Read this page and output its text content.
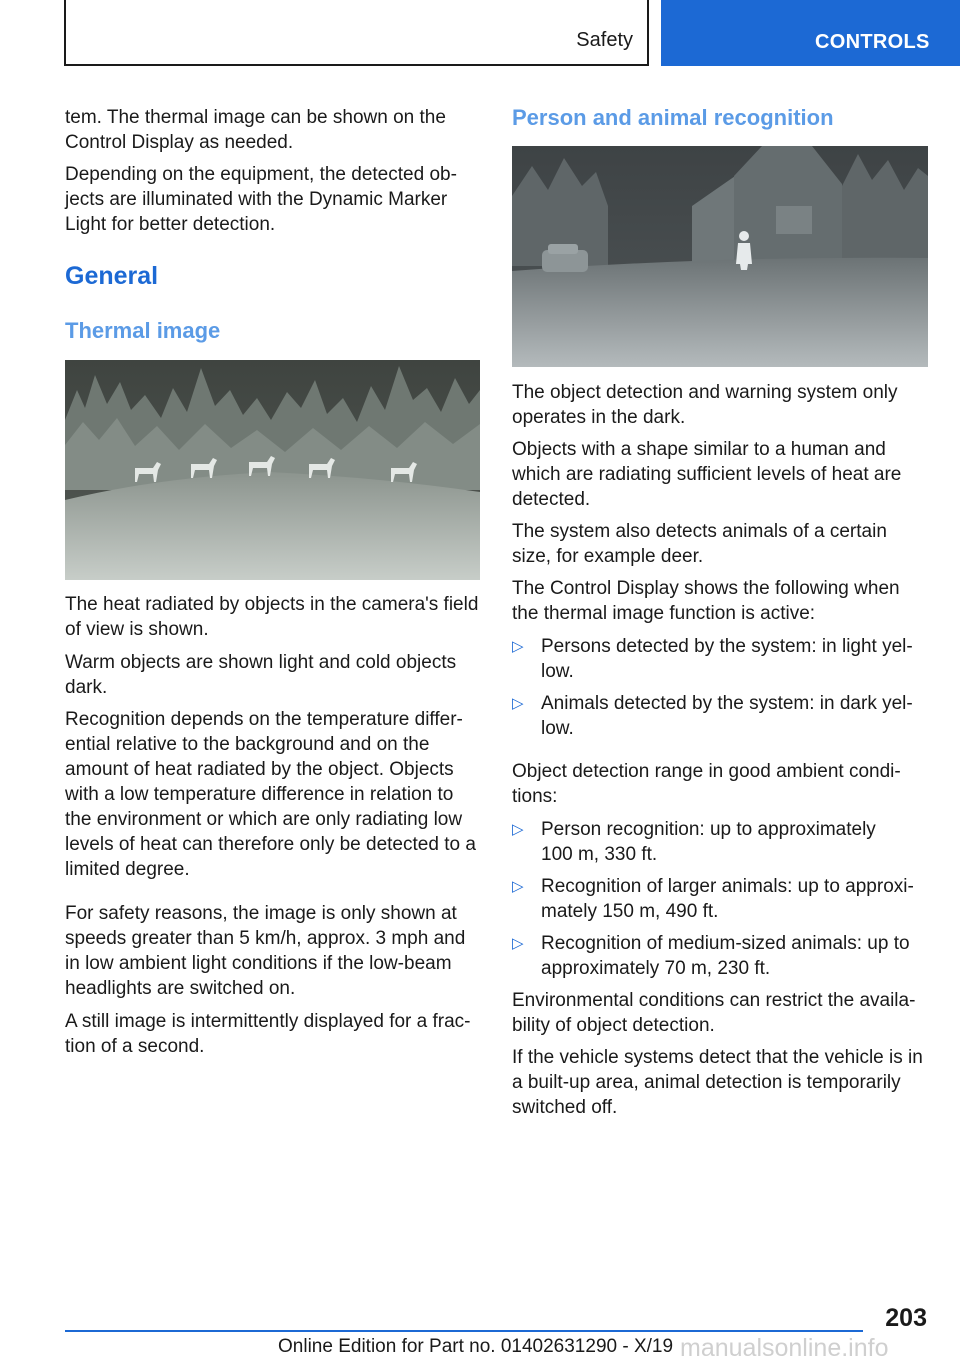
Safety	CONTROLS
tem. The thermal image can be shown on the
Control Display as needed.
Depending on the equipment, the detected ob-
jects are illuminated with the Dynamic Marker
Light for better detection.
General
Thermal image
The heat radiated by objects in the camera's field
of view is shown.
Warm objects are shown light and cold objects
dark.
Recognition depends on the temperature differ-
ential relative to the background and on the
amount of heat radiated by the object. Objects
with a low temperature difference in relation to
the environment or which are only radiating low
levels of heat can therefore only be detected to a
limited degree.
For safety reasons, the image is only shown at
speeds greater than 5 km/h, approx. 3 mph and
in low ambient light conditions if the low-beam
headlights are switched on.
A still image is intermittently displayed for a frac-
tion of a second.
Person and animal recognition
The object detection and warning system only
operates in the dark.
Objects with a shape similar to a human and
which are radiating sufficient levels of heat are
detected.
The system also detects animals of a certain
size, for example deer.
The Control Display shows the following when
the thermal image function is active:
▷ Persons detected by the system: in light yel-
low.
▷ Animals detected by the system: in dark yel-
low.
Object detection range in good ambient condi-
tions:
▷ Person recognition: up to approximately
100 m, 330 ft.
▷ Recognition of larger animals: up to approxi-
mately 150 m, 490 ft.
▷ Recognition of medium-sized animals: up to
approximately 70 m, 230 ft.
Environmental conditions can restrict the availa-
bility of object detection.
If the vehicle systems detect that the vehicle is in
a built-up area, animal detection is temporarily
switched off.
203
Online Edition for Part no. 01402631290 - X/19 manualsonline.info
